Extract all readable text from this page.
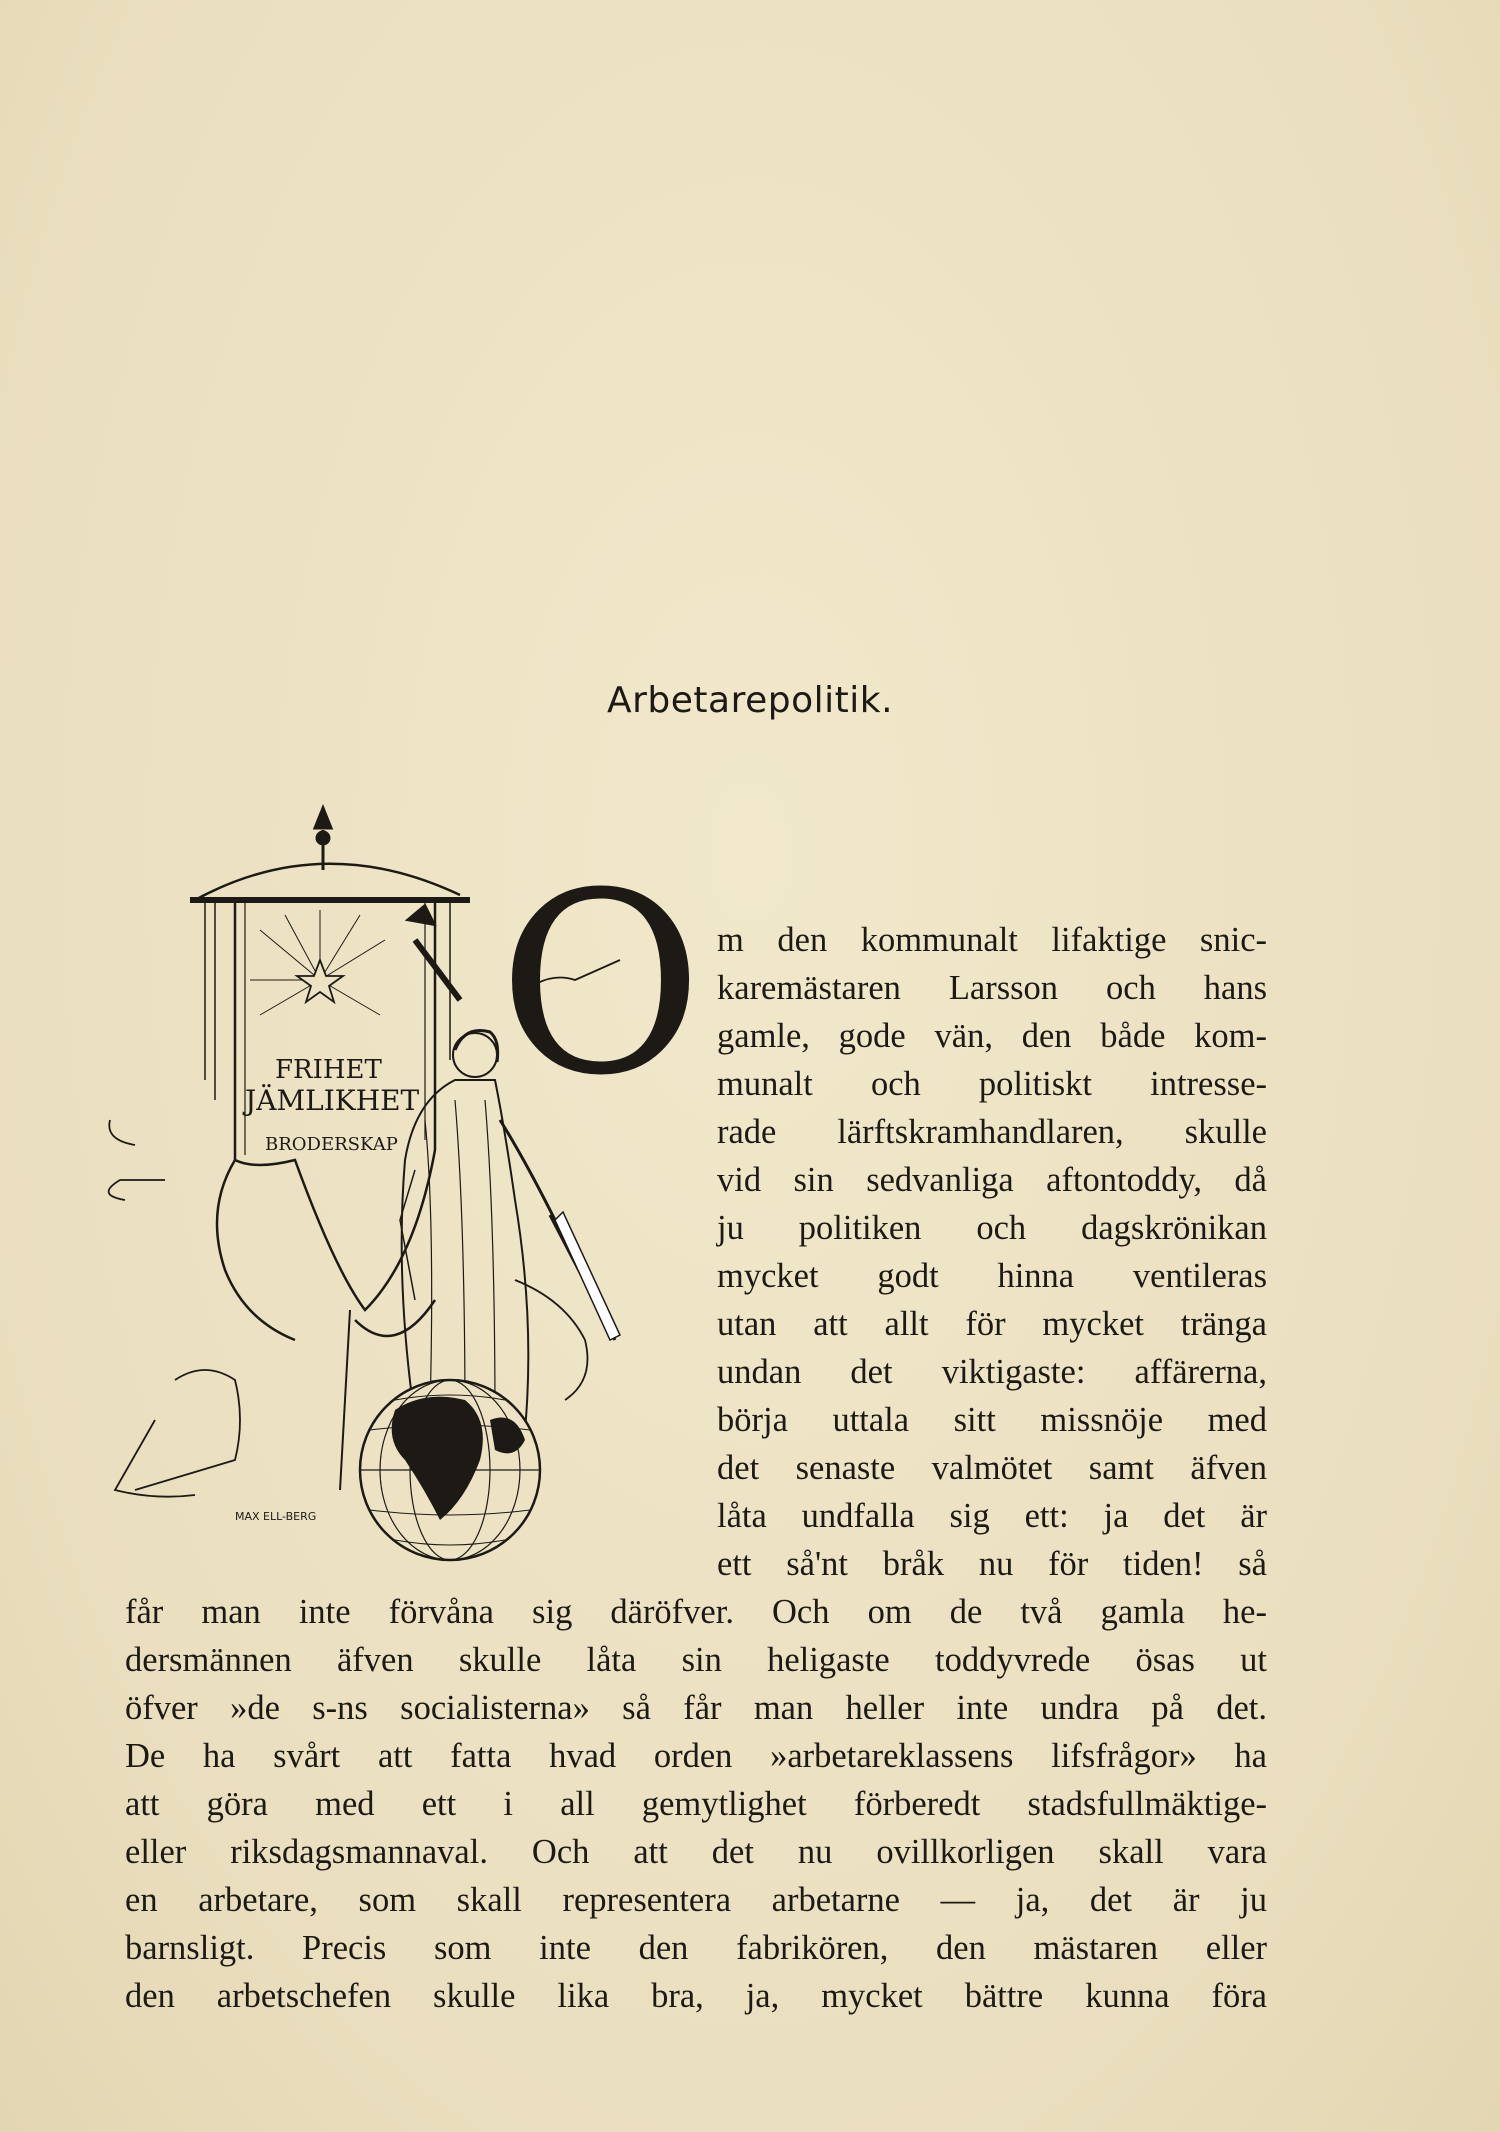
Arbetarepolitik.
FRIHET
JÄMLIKHET
BRODERSKAP
MAX ELL-BERG
O m den kommunalt lifaktige snic-
karemästaren Larsson och hans
gamle, gode vän, den både kom-
munalt och politiskt intresse-
rade lärftskramhandlaren, skulle
vid sin sedvanliga aftontoddy, då
ju politiken och dagskrönikan
mycket godt hinna ventileras
utan att allt för mycket tränga
undan det viktigaste: affärerna,
börja uttala sitt missnöje med
det senaste valmötet samt äfven
låta undfalla sig ett: ja det är
ett så'nt bråk nu för tiden! så
får man inte förvåna sig däröfver. Och om de två gamla he-
dersmännen äfven skulle låta sin heligaste toddyvrede ösas ut
öfver »de s-ns socialisterna» så får man heller inte undra på det.
De ha svårt att fatta hvad orden »arbetareklassens lifsfrågor» ha
att göra med ett i all gemytlighet förberedt stadsfullmäktige-
eller riksdagsmannaval. Och att det nu ovillkorligen skall vara
en arbetare, som skall representera arbetarne — ja, det är ju
barnsligt. Precis som inte den fabrikören, den mästaren eller
den arbetschefen skulle lika bra, ja, mycket bättre kunna föra
